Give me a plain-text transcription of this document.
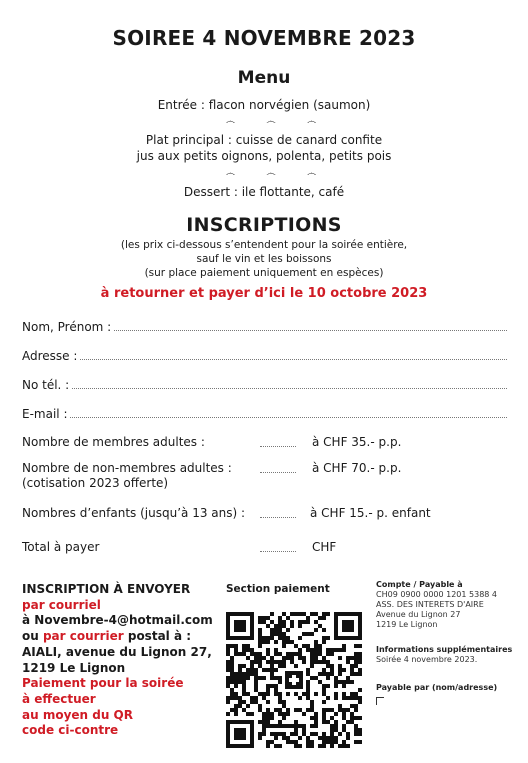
SOIREE 4 NOVEMBRE 2023
Menu
Entrée : flacon norvégien (saumon)
෴ ෴ ෴
Plat principal : cuisse de canard confite
jus aux petits oignons, polenta, petits pois
෴ ෴ ෴
Dessert : ile flottante, café
INSCRIPTIONS
(les prix ci-dessous s’entendent pour la soirée entière,
sauf le vin et les boissons
(sur place paiement uniquement en espèces)
à retourner et payer d’ici le 10 octobre 2023
Nom, Prénom :
Adresse :
No tél. :
E-mail :
Nombre de membres adultes :	à CHF 35.- p.p.
Nombre de non-membres adultes :
(cotisation 2023 offerte)
à CHF 70.- p.p.
Nombres d’enfants (jusqu’à 13 ans) :	à CHF 15.- p. enfant
Total à payer	CHF
INSCRIPTION À ENVOYER
par courriel
à Novembre-4@hotmail.com
ou par courrier postal à :
AIALI, avenue du Lignon 27,
1219 Le Lignon
Paiement pour la soirée
à effectuer
au moyen du QR
code ci-contre
Section paiement	Compte / Payable à
CH09 0900 0000 1201 5388 4
ASS. DES INTERETS D'AIRE
Avenue du Lignon 27
1219 Le Lignon
Informations supplémentaires
Soirée 4 novembre 2023.
Payable par (nom/adresse)
